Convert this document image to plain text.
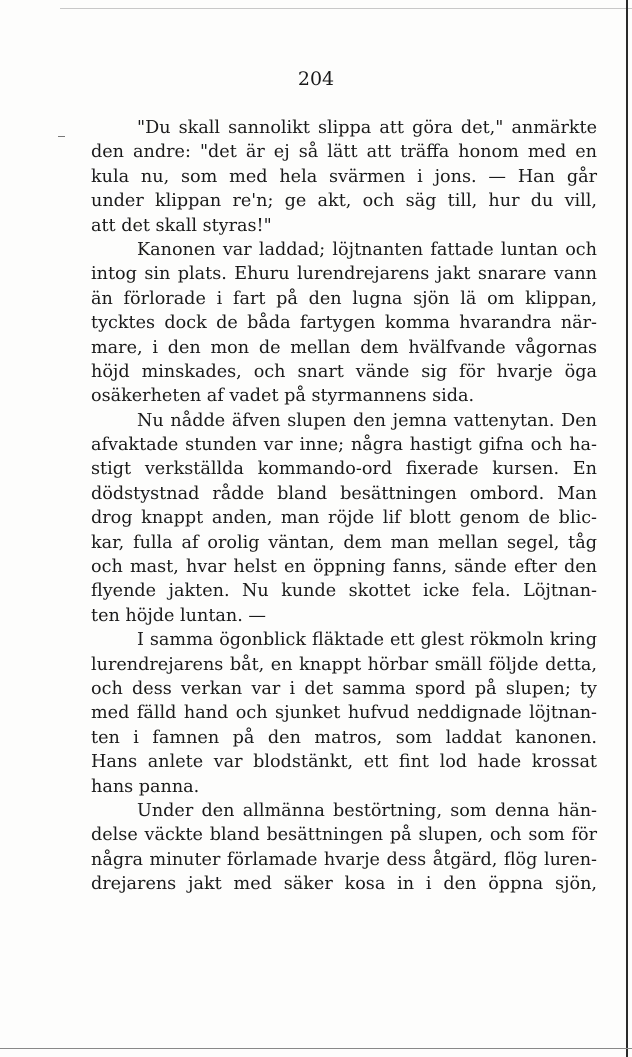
204
"Du skall sannolikt slippa att göra det," anmärkte
den andre: "det är ej så lätt att träffa honom med en
kula nu, som med hela svärmen i jons. — Han går
under klippan re'n; ge akt, och säg till, hur du vill,
att det skall styras!"
Kanonen var laddad; löjtnanten fattade luntan och
intog sin plats. Ehuru lurendrejarens jakt snarare vann
än förlorade i fart på den lugna sjön lä om klippan,
tycktes dock de båda fartygen komma hvarandra när-
mare, i den mon de mellan dem hvälfvande vågornas
höjd minskades, och snart vände sig för hvarje öga
osäkerheten af vadet på styrmannens sida.
Nu nådde äfven slupen den jemna vattenytan. Den
afvaktade stunden var inne; några hastigt gifna och ha-
stigt verkställda kommando-ord fixerade kursen. En
dödstystnad rådde bland besättningen ombord. Man
drog knappt anden, man röjde lif blott genom de blic-
kar, fulla af orolig väntan, dem man mellan segel, tåg
och mast, hvar helst en öppning fanns, sände efter den
flyende jakten. Nu kunde skottet icke fela. Löjtnan-
ten höjde luntan. —
I samma ögonblick fläktade ett glest rökmoln kring
lurendrejarens båt, en knappt hörbar smäll följde detta,
och dess verkan var i det samma spord på slupen; ty
med fälld hand och sjunket hufvud neddignade löjtnan-
ten i famnen på den matros, som laddat kanonen.
Hans anlete var blodstänkt, ett fint lod hade krossat
hans panna.
Under den allmänna bestörtning, som denna hän-
delse väckte bland besättningen på slupen, och som för
några minuter förlamade hvarje dess åtgärd, flög luren-
drejarens jakt med säker kosa in i den öppna sjön,
